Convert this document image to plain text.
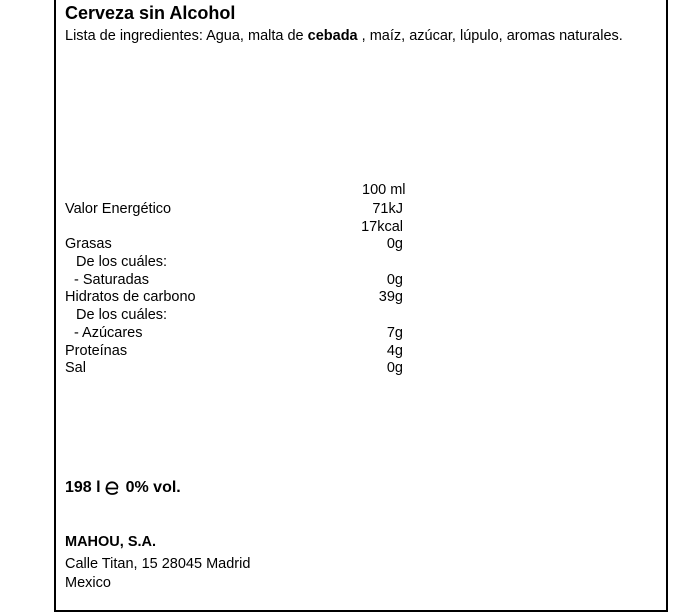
Cerveza sin Alcohol
Lista de ingredientes: Agua, malta de cebada , maíz, azúcar, lúpulo, aromas naturales.
100 ml
Valor Energético	71kJ
17kcal
Grasas	0g
De los cuáles:
- Saturadas	0g
Hidratos de carbono	39g
De los cuáles:
- Azúcares	7g
Proteínas	4g
Sal	0g
198 l 0% vol.
MAHOU, S.A.
Calle Titan, 15 28045 Madrid
Mexico
